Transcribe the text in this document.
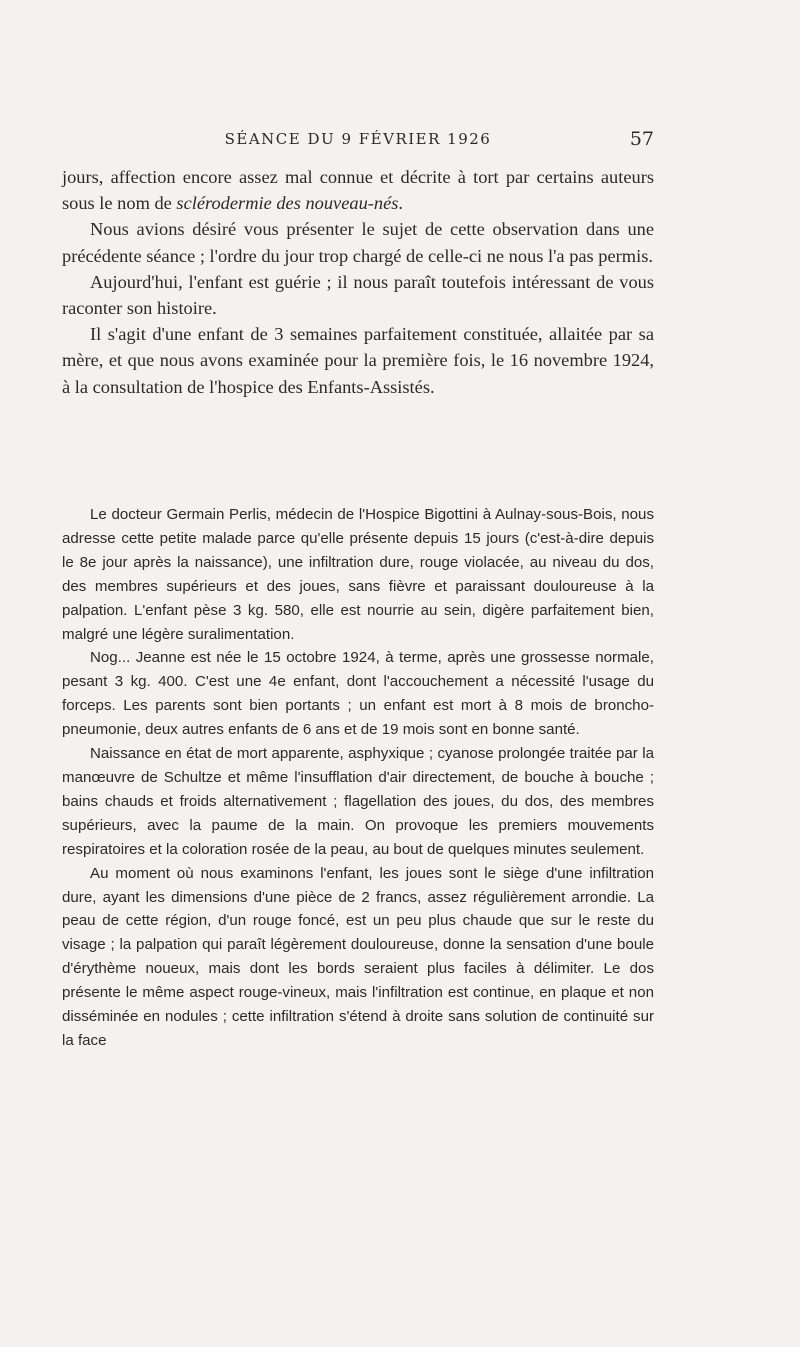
SÉANCE DU 9 FÉVRIER 1926	57

jours, affection encore assez mal connue et décrite à tort par certains auteurs sous le nom de sclérodermie des nouveau-nés.

Nous avions désiré vous présenter le sujet de cette observation dans une précédente séance ; l'ordre du jour trop chargé de celle-ci ne nous l'a pas permis.

Aujourd'hui, l'enfant est guérie ; il nous paraît toutefois intéressant de vous raconter son histoire.

Il s'agit d'une enfant de 3 semaines parfaitement constituée, allaitée par sa mère, et que nous avons examinée pour la première fois, le 16 novembre 1924, à la consultation de l'hospice des Enfants-Assistés.

Le docteur Germain Perlis, médecin de l'Hospice Bigottini à Aulnay-sous-Bois, nous adresse cette petite malade parce qu'elle présente depuis 15 jours (c'est-à-dire depuis le 8e jour après la naissance), une infiltration dure, rouge violacée, au niveau du dos, des membres supérieurs et des joues, sans fièvre et paraissant douloureuse à la palpation. L'enfant pèse 3 kg. 580, elle est nourrie au sein, digère parfaitement bien, malgré une légère suralimentation.

Nog... Jeanne est née le 15 octobre 1924, à terme, après une grossesse normale, pesant 3 kg. 400. C'est une 4e enfant, dont l'accouchement a nécessité l'usage du forceps. Les parents sont bien portants ; un enfant est mort à 8 mois de broncho-pneumonie, deux autres enfants de 6 ans et de 19 mois sont en bonne santé.

Naissance en état de mort apparente, asphyxique ; cyanose prolongée traitée par la manœuvre de Schultze et même l'insufflation d'air directement, de bouche à bouche ; bains chauds et froids alternativement ; flagellation des joues, du dos, des membres supérieurs, avec la paume de la main. On provoque les premiers mouvements respiratoires et la coloration rosée de la peau, au bout de quelques minutes seulement.

Au moment où nous examinons l'enfant, les joues sont le siège d'une infiltration dure, ayant les dimensions d'une pièce de 2 francs, assez régulièrement arrondie. La peau de cette région, d'un rouge foncé, est un peu plus chaude que sur le reste du visage ; la palpation qui paraît légèrement douloureuse, donne la sensation d'une boule d'érythème noueux, mais dont les bords seraient plus faciles à délimiter. Le dos présente le même aspect rouge-vineux, mais l'infiltration est continue, en plaque et non disséminée en nodules ; cette infiltration s'étend à droite sans solution de continuité sur la face
